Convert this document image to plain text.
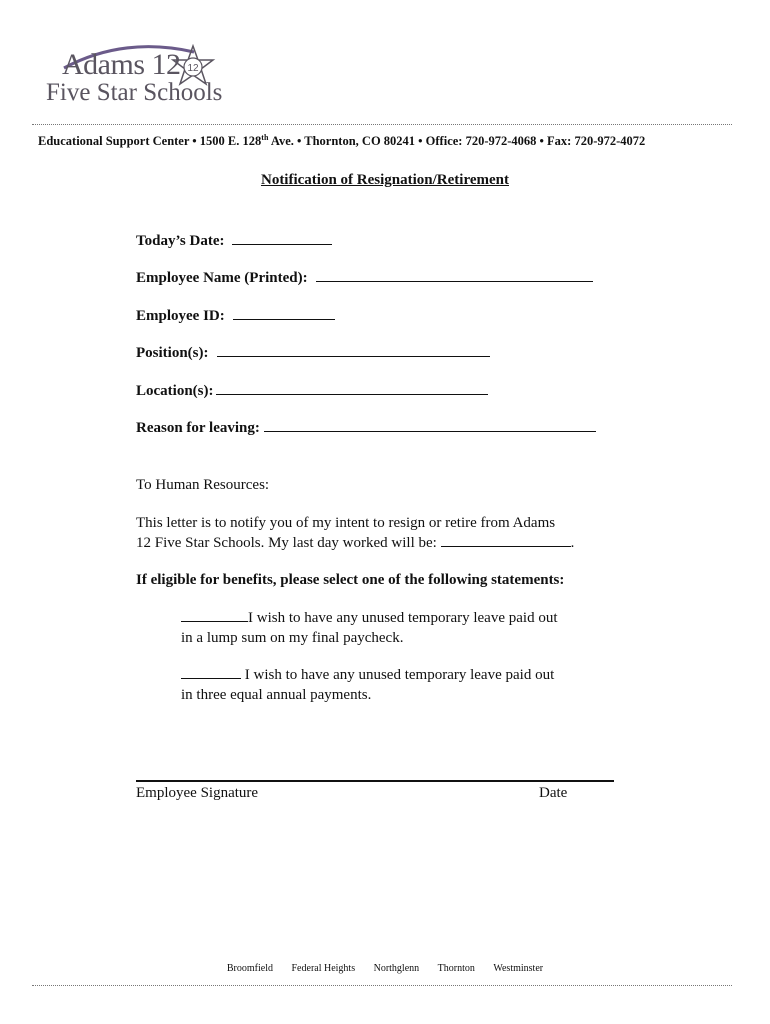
Adams 12
Five Star Schools
12
Educational Support Center • 1500 E. 128th Ave. • Thornton, CO 80241 • Office: 720-972-4068 • Fax: 720-972-4072
Notification of Resignation/Retirement
Today’s Date:
Employee Name (Printed):
Employee ID:
Position(s):
Location(s):
Reason for leaving:
To Human Resources:
This letter is to notify you of my intent to resign or retire from Adams
12 Five Star Schools. My last day worked will be:	.
If eligible for benefits, please select one of the following statements:
I wish to have any unused temporary leave paid out
in a lump sum on my final paycheck.
I wish to have any unused temporary leave paid out
in three equal annual payments.
Employee Signature	Date
Broomfield Federal Heights Northglenn Thornton Westminster
